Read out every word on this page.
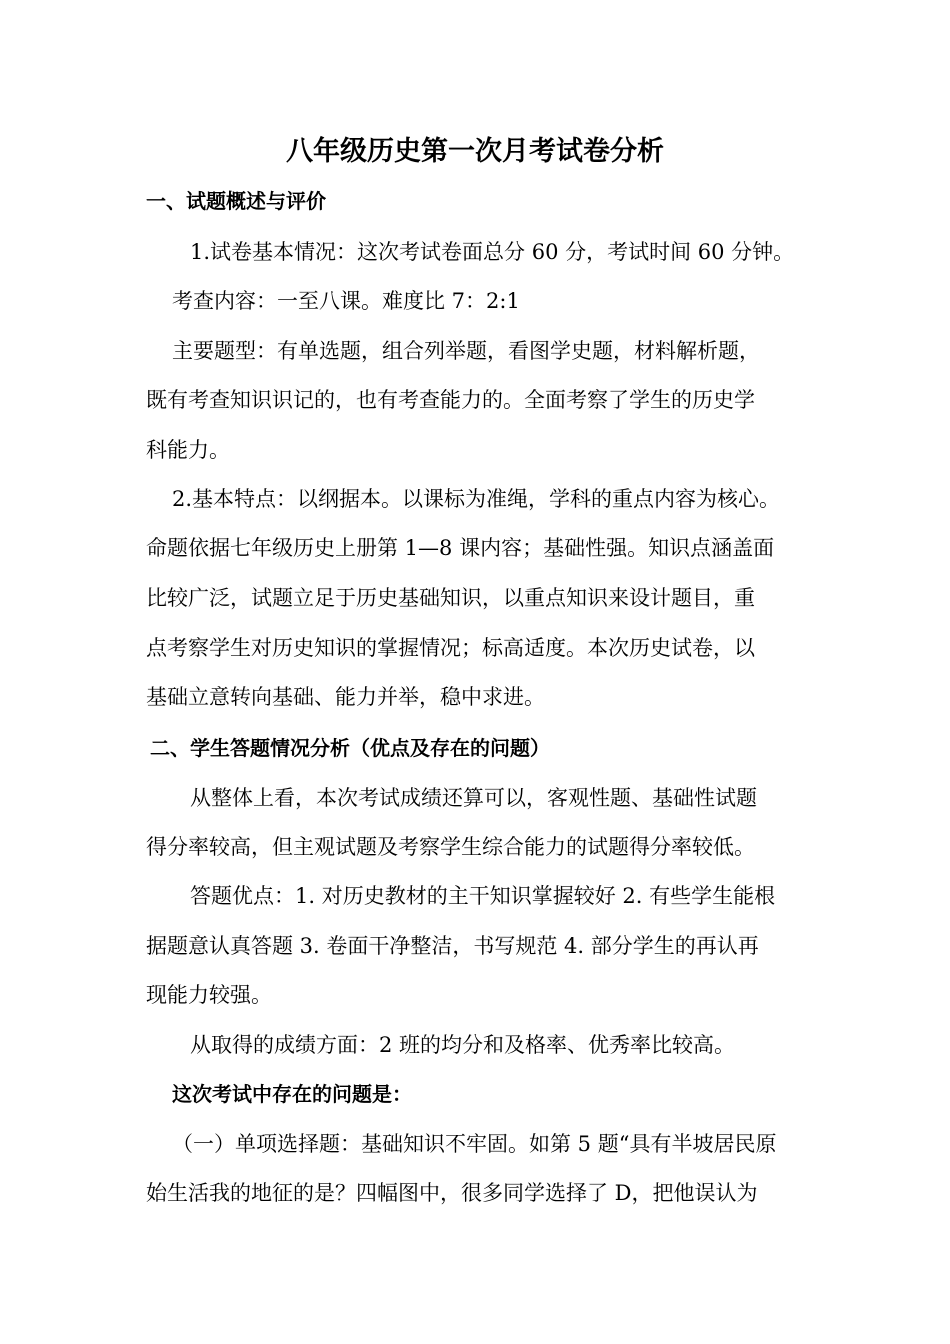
八年级历史第一次月考试卷分析
一、试题概述与评价
1.试卷基本情况：这次考试卷面总分 60 分，考试时间 60 分钟。
考查内容：一至八课。难度比 7：2:1
主要题型：有单选题，组合列举题，看图学史题，材料解析题，
既有考查知识识记的，也有考查能力的。全面考察了学生的历史学
科能力。
2.基本特点：以纲据本。以课标为准绳，学科的重点内容为核心。
命题依据七年级历史上册第 1—8 课内容；基础性强。知识点涵盖面
比较广泛，试题立足于历史基础知识，以重点知识来设计题目，重
点考察学生对历史知识的掌握情况；标高适度。本次历史试卷，以
基础立意转向基础、能力并举，稳中求进。
二、学生答题情况分析（优点及存在的问题）
从整体上看，本次考试成绩还算可以，客观性题、基础性试题
得分率较高，但主观试题及考察学生综合能力的试题得分率较低。
答题优点：1. 对历史教材的主干知识掌握较好 2. 有些学生能根
据题意认真答题 3. 卷面干净整洁，书写规范 4. 部分学生的再认再
现能力较强。
从取得的成绩方面：2 班的均分和及格率、优秀率比较高。
这次考试中存在的问题是：
（一）单项选择题：基础知识不牢固。如第 5 题“具有半坡居民原
始生活我的地征的是？四幅图中，很多同学选择了 D，把他误认为
